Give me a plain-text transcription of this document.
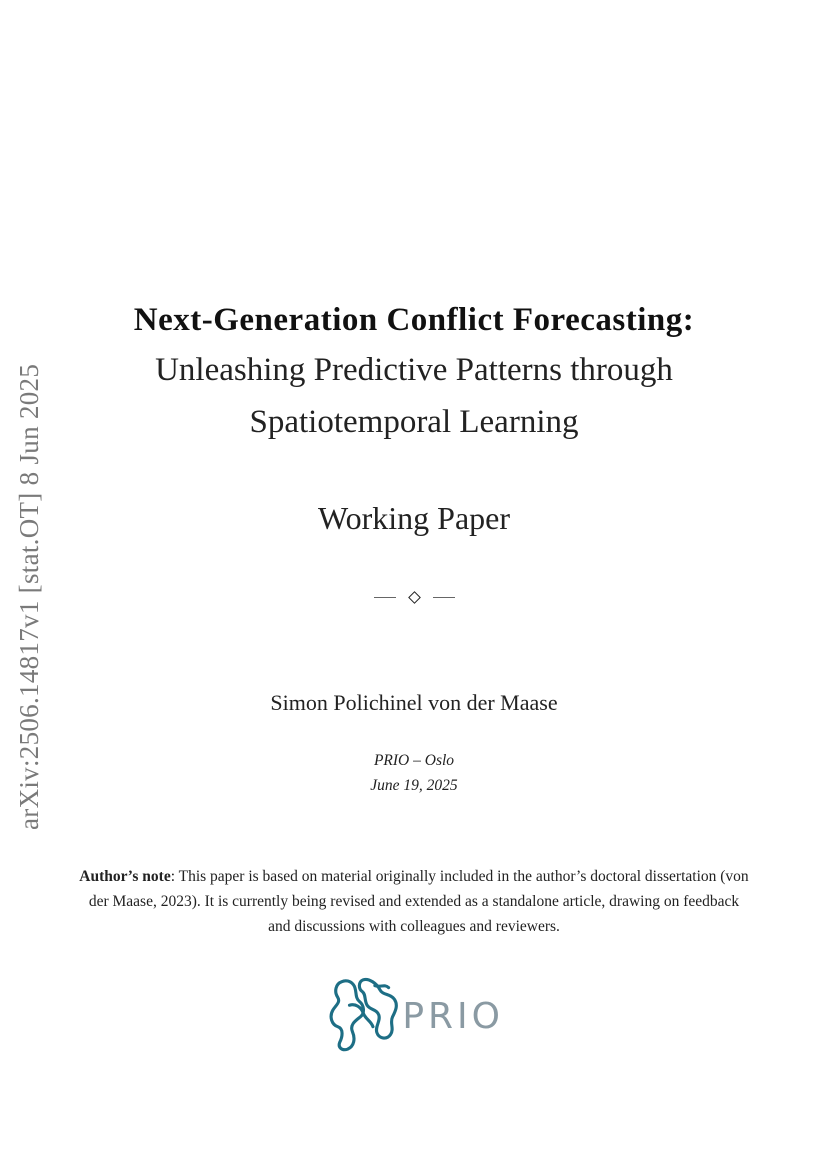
arXiv:2506.14817v1 [stat.OT] 8 Jun 2025

Next-Generation Conflict Forecasting:

Unleashing Predictive Patterns through

Spatiotemporal Learning

Working Paper
Simon Polichinel von der Maase
PRIO – Oslo
June 19, 2025
Author’s note: This paper is based on material originally included in the author’s doctoral dissertation (von der Maase, 2023). It is currently being revised and extended as a standalone article, drawing on feedback and discussions with colleagues and reviewers.
PRIO
